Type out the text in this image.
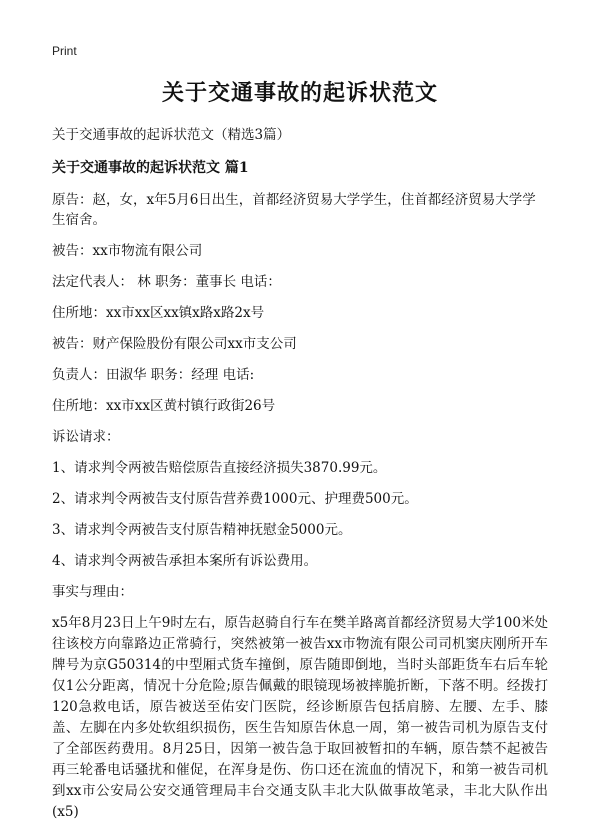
Print
关于交通事故的起诉状范文
关于交通事故的起诉状范文（精选3篇）
关于交通事故的起诉状范文 篇1
原告：赵，女，x年5月6日出生，首都经济贸易大学学生，住首都经济贸易大学学生宿舍。
被告：xx市物流有限公司
法定代表人： 林 职务：董事长 电话：
住所地：xx市xx区xx镇x路x路2x号
被告：财产保险股份有限公司xx市支公司
负责人：田淑华 职务：经理 电话:
住所地：xx市xx区黄村镇行政街26号
诉讼请求：
1、请求判令两被告赔偿原告直接经济损失3870.99元。
2、请求判令两被告支付原告营养费1000元、护理费500元。
3、请求判令两被告支付原告精神抚慰金5000元。
4、请求判令两被告承担本案所有诉讼费用。
事实与理由：
x5年8月23日上午9时左右，原告赵骑自行车在樊羊路离首都经济贸易大学100米处往该校方向靠路边正常骑行，突然被第一被告xx市物流有限公司司机窦庆刚所开车牌号为京G50314的中型厢式货车撞倒，原告随即倒地，当时头部距货车右后车轮仅1公分距离，情况十分危险;原告佩戴的眼镜现场被摔脆折断，下落不明。经拨打120急救电话，原告被送至佑安门医院，经诊断原告包括肩膀、左腰、左手、膝盖、左脚在内多处软组织损伤，医生告知原告休息一周，第一被告司机为原告支付了全部医药费用。8月25日，因第一被告急于取回被暂扣的车辆，原告禁不起被告再三轮番电话骚扰和催促，在浑身是伤、伤口还在流血的情况下，和第一被告司机到xx市公安局公安交通管理局丰台交通支队丰北大队做事故笔录，丰北大队作出(x5)
